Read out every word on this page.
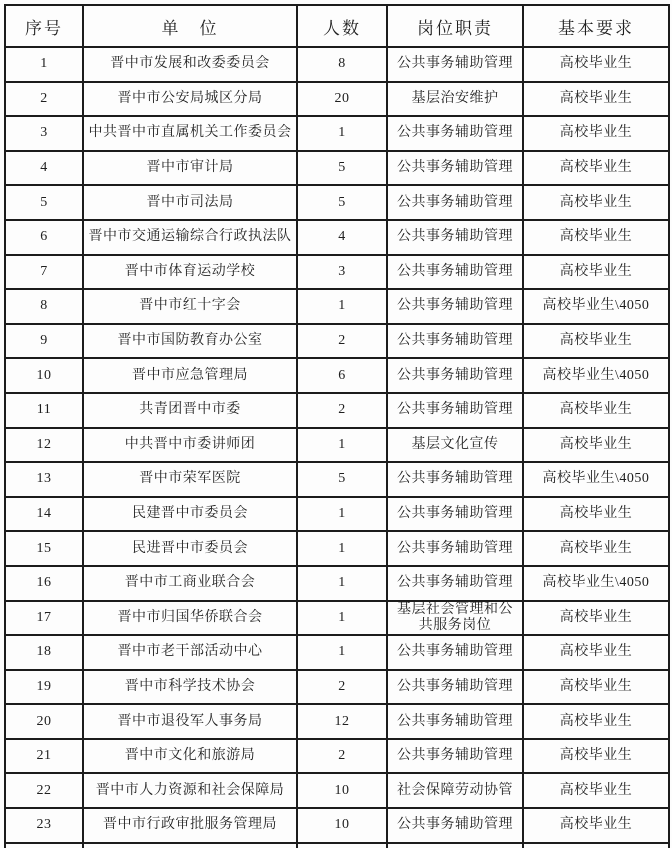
序号	单　位	人数	岗位职责	基本要求
1	晋中市发展和改委委员会	8	公共事务辅助管理	高校毕业生
2	晋中市公安局城区分局	20	基层治安维护	高校毕业生
3	中共晋中市直属机关工作委员会	1	公共事务辅助管理	高校毕业生
4	晋中市审计局	5	公共事务辅助管理	高校毕业生
5	晋中市司法局	5	公共事务辅助管理	高校毕业生
6	晋中市交通运输综合行政执法队	4	公共事务辅助管理	高校毕业生
7	晋中市体育运动学校	3	公共事务辅助管理	高校毕业生
8	晋中市红十字会	1	公共事务辅助管理	高校毕业生\4050
9	晋中市国防教育办公室	2	公共事务辅助管理	高校毕业生
10	晋中市应急管理局	6	公共事务辅助管理	高校毕业生\4050
11	共青团晋中市委	2	公共事务辅助管理	高校毕业生
12	中共晋中市委讲师团	1	基层文化宣传	高校毕业生
13	晋中市荣军医院	5	公共事务辅助管理	高校毕业生\4050
14	民建晋中市委员会	1	公共事务辅助管理	高校毕业生
15	民进晋中市委员会	1	公共事务辅助管理	高校毕业生
16	晋中市工商业联合会	1	公共事务辅助管理	高校毕业生\4050
17	晋中市归国华侨联合会	1	基层社会管理和公共服务岗位	高校毕业生
18	晋中市老干部活动中心	1	公共事务辅助管理	高校毕业生
19	晋中市科学技术协会	2	公共事务辅助管理	高校毕业生
20	晋中市退役军人事务局	12	公共事务辅助管理	高校毕业生
21	晋中市文化和旅游局	2	公共事务辅助管理	高校毕业生
22	晋中市人力资源和社会保障局	10	社会保障劳动协管	高校毕业生
23	晋中市行政审批服务管理局	10	公共事务辅助管理	高校毕业生
